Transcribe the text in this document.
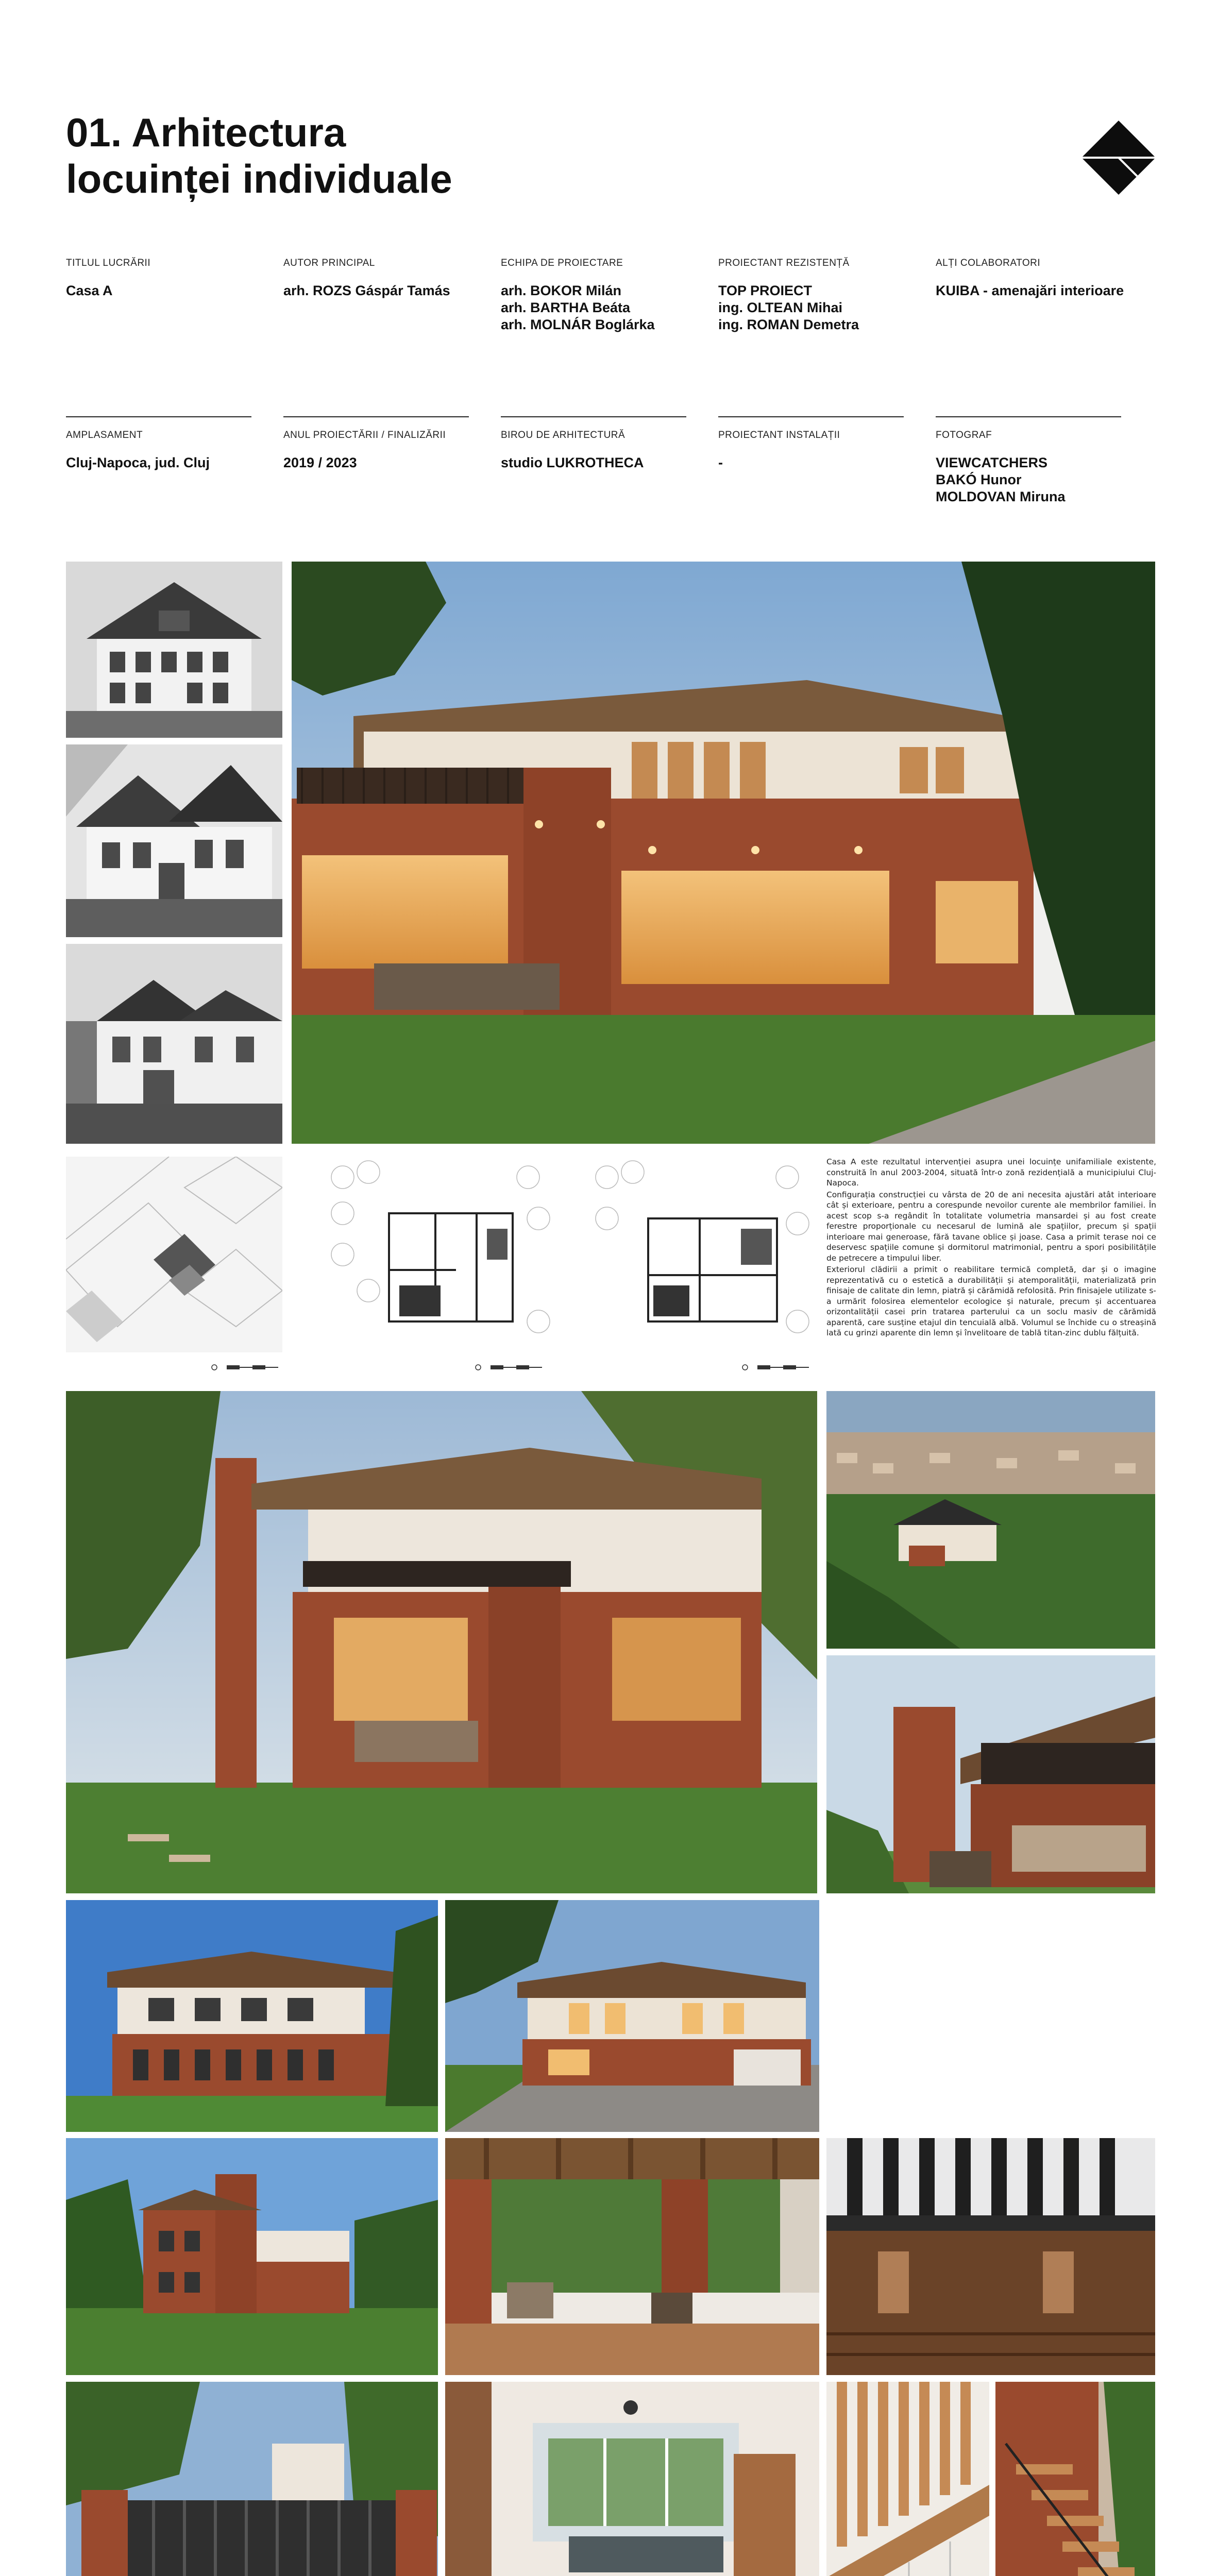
01. Arhitectura
locuinței individuale
TITLUL LUCRĂRII
Casa A
AUTOR PRINCIPAL
arh. ROZS Gáspár Tamás
ECHIPA DE PROIECTARE
arh. BOKOR Milán
arh. BARTHA Beáta
arh. MOLNÁR Boglárka
PROIECTANT REZISTENȚĂ
TOP PROIECT
ing. OLTEAN Mihai
ing. ROMAN Demetra
ALȚI COLABORATORI
KUIBA - amenajări interioare
AMPLASAMENT
Cluj-Napoca, jud. Cluj
ANUL PROIECTĂRII / FINALIZĂRII
2019 / 2023
BIROU DE ARHITECTURĂ
studio LUKROTHECA
PROIECTANT INSTALAȚII
-
FOTOGRAF
VIEWCATCHERS
BAKÓ Hunor
MOLDOVAN Miruna

Casa A este rezultatul intervenției asupra unei locuințe unifamiliale existente, construită în anul 2003-2004, situată într-o zonă rezidențială a municipiului Cluj-Napoca.

Configurația construcției cu vârsta de 20 de ani necesita ajustări atât interioare cât și exterioare, pentru a corespunde nevoilor curente ale membrilor familiei. În acest scop s-a regândit în totalitate volumetria mansardei și au fost create ferestre proporționale cu necesarul de lumină ale spațiilor, precum și spații interioare mai generoase, fără tavane oblice și joase. Casa a primit terase noi ce deservesc spațiile comune și dormitorul matrimonial, pentru a spori posibilitățile de petrecere a timpului liber.

Exteriorul clădirii a primit o reabilitare termică completă, dar și o imagine reprezentativă cu o estetică a durabilității și atemporalității, materializată prin finisaje de calitate din lemn, piatră și cărămidă refolosită. Prin finisajele utilizate s-a urmărit folosirea elementelor ecologice și naturale, precum și accentuarea orizontalității casei prin tratarea parterului ca un soclu masiv de cărămidă aparentă, care susține etajul din tencuială albă. Volumul se închide cu o streașină lată cu grinzi aparente din lemn și învelitoare de tablă titan-zinc dublu fălțuită.
